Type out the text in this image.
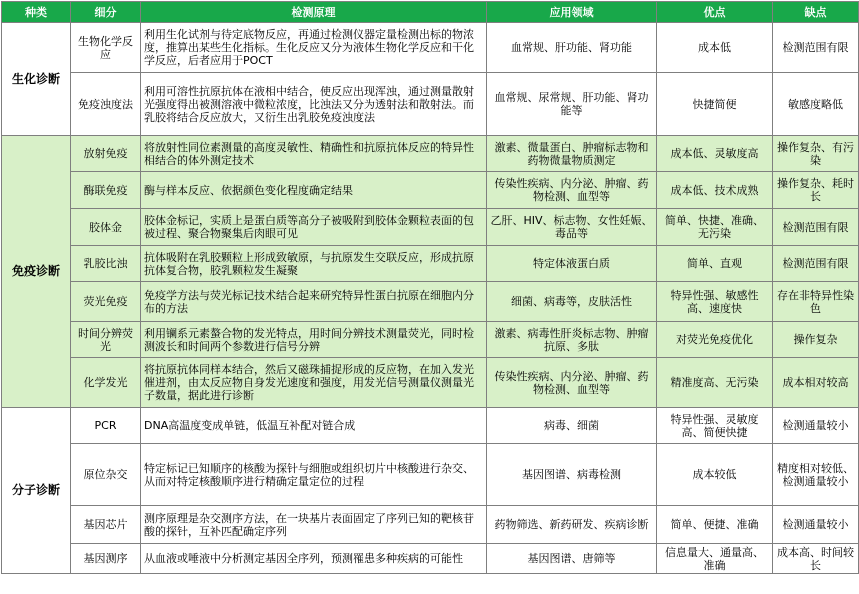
种类	细分	检测原理	应用领域	优点	缺点
生化诊断	生物化学反应	利用生化试剂与待定底物反应，再通过检测仪器定量检测出标的物浓度，推算出某些生化指标。生化反应又分为液体生物化学反应和干化学反应，后者应用于POCT	血常规、肝功能、肾功能	成本低	检测范围有限
	免疫浊度法	利用可溶性抗原抗体在液相中结合，使反应出现浑浊，通过测量散射光强度得出被测溶液中微粒浓度，比浊法又分为透射法和散射法。而乳胶将结合反应放大，又衍生出乳胶免疫浊度法	血常规、尿常规、肝功能、肾功能等	快捷简便	敏感度略低
免疫诊断	放射免疫	将放射性同位素测量的高度灵敏性、精确性和抗原抗体反应的特异性相结合的体外测定技术	激素、微量蛋白、肿瘤标志物和药物微量物质测定	成本低、灵敏度高	操作复杂、有污染
	酶联免疫	酶与样本反应、依据颜色变化程度确定结果	传染性疾病、内分泌、肿瘤、药物检测、血型等	成本低、技术成熟	操作复杂、耗时长
	胶体金	胶体金标记，实质上是蛋白质等高分子被吸附到胶体金颗粒表面的包被过程、聚合物聚集后肉眼可见	乙肝、HIV、标志物、女性妊娠、毒品等	简单、快捷、准确、无污染	检测范围有限
	乳胶比浊	抗体吸附在乳胶颗粒上形成致敏原，与抗原发生交联反应，形成抗原抗体复合物，胶乳颗粒发生凝聚	特定体液蛋白质	简单、直观	检测范围有限
	荧光免疫	免疫学方法与荧光标记技术结合起来研究特异性蛋白抗原在细胞内分布的方法	细菌、病毒等，皮肤活性	特异性强、敏感性高、速度快	存在非特异性染色
	时间分辨荧光	利用镧系元素螯合物的发光特点，用时间分辨技术测量荧光，同时检测波长和时间两个参数进行信号分辨	激素、病毒性肝炎标志物、肿瘤抗原、多肽	对荧光免疫优化	操作复杂
	化学发光	将抗原抗体同样本结合，然后又磁珠捕捉形成的反应物，在加入发光催进剂，由太反应物自身发光速度和强度，用发光信号测量仪测量光子数量，据此进行诊断	传染性疾病、内分泌、肿瘤、药物检测、血型等	精准度高、无污染	成本相对较高
分子诊断	PCR	DNA高温度变成单链，低温互补配对链合成	病毒、细菌	特异性强、灵敏度高、简便快捷	检测通量较小
	原位杂交	特定标记已知顺序的核酸为探针与细胞或组织切片中核酸进行杂交、从而对特定核酸顺序进行精确定量定位的过程	基因图谱、病毒检测	成本较低	精度相对较低、检测通量较小
	基因芯片	测序原理是杂交测序方法，在一块基片表面固定了序列已知的靶核苷酸的探针，互补匹配确定序列	药物筛选、新药研发、疾病诊断	简单、便捷、准确	检测通量较小
	基因测序	从血液或唾液中分析测定基因全序列，预测罹患多种疾病的可能性	基因图谱、唐筛等	信息量大、通量高、准确	成本高、时间较长
